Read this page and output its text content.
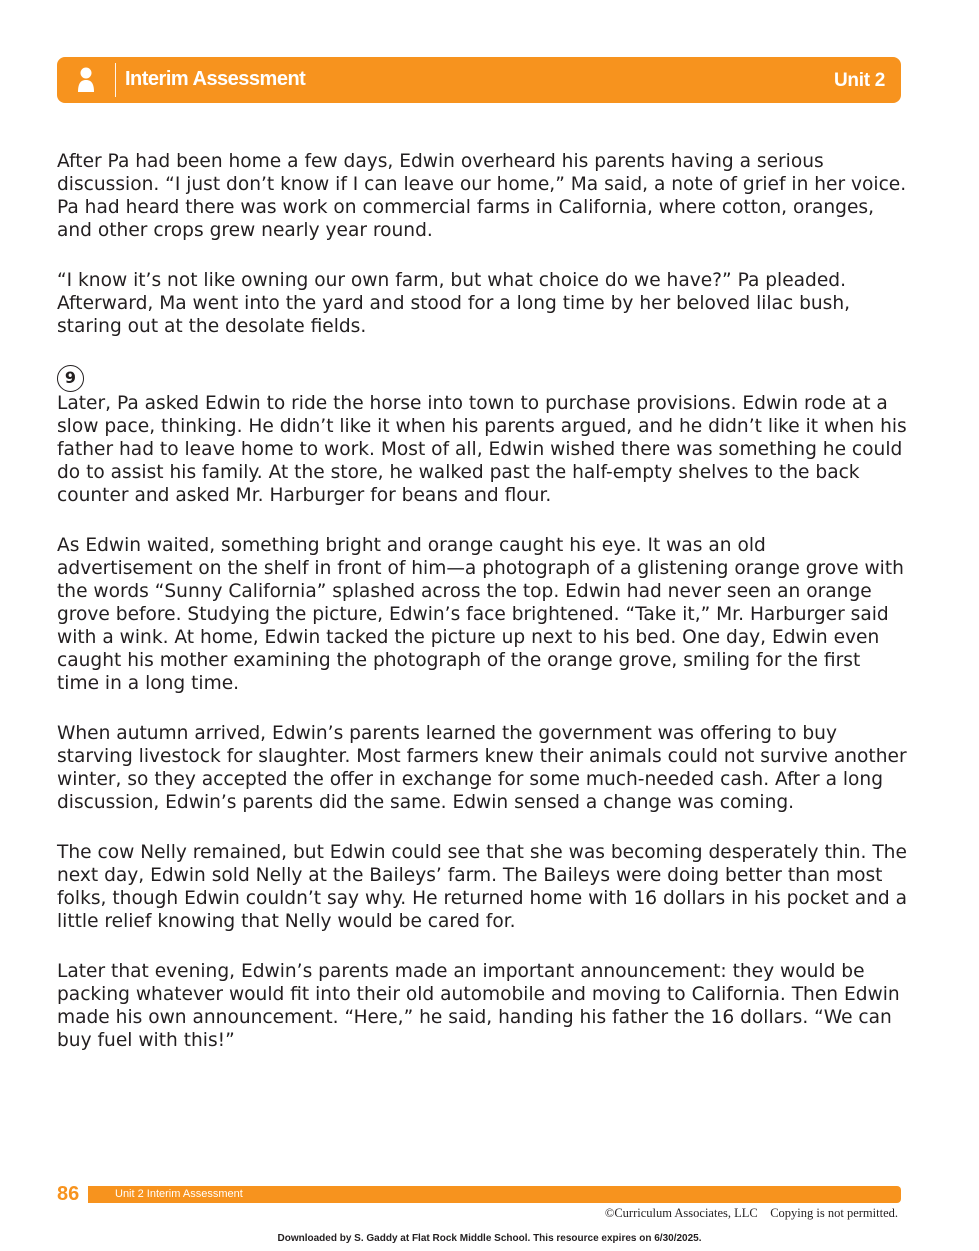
Interim Assessment	Unit 2

After Pa had been home a few days, Edwin overheard his parents having a serious discussion. “I just don’t know if I can leave our home,” Ma said, a note of grief in her voice. Pa had heard there was work on commercial farms in California, where cotton, oranges, and other crops grew nearly year round.

“I know it’s not like owning our own farm, but what choice do we have?” Pa pleaded. Afterward, Ma went into the yard and stood for a long time by her beloved lilac bush, staring out at the desolate fields.

9

Later, Pa asked Edwin to ride the horse into town to purchase provisions. Edwin rode at a slow pace, thinking. He didn’t like it when his parents argued, and he didn’t like it when his father had to leave home to work. Most of all, Edwin wished there was something he could do to assist his family. At the store, he walked past the half-empty shelves to the back counter and asked Mr. Harburger for beans and flour.

As Edwin waited, something bright and orange caught his eye. It was an old advertisement on the shelf in front of him—a photograph of a glistening orange grove with the words “Sunny California” splashed across the top. Edwin had never seen an orange grove before. Studying the picture, Edwin’s face brightened. “Take it,” Mr. Harburger said with a wink. At home, Edwin tacked the picture up next to his bed. One day, Edwin even caught his mother examining the photograph of the orange grove, smiling for the first time in a long time.

When autumn arrived, Edwin’s parents learned the government was offering to buy starving livestock for slaughter. Most farmers knew their animals could not survive another winter, so they accepted the offer in exchange for some much-needed cash. After a long discussion, Edwin’s parents did the same. Edwin sensed a change was coming.

The cow Nelly remained, but Edwin could see that she was becoming desperately thin. The next day, Edwin sold Nelly at the Baileys’ farm. The Baileys were doing better than most folks, though Edwin couldn’t say why. He returned home with 16 dollars in his pocket and a little relief knowing that Nelly would be cared for.

Later that evening, Edwin’s parents made an important announcement: they would be packing whatever would fit into their old automobile and moving to California. Then Edwin made his own announcement. “Here,” he said, handing his father the 16 dollars. “We can buy fuel with this!”

86	Unit 2 Interim Assessment
©Curriculum Associates, LLC    Copying is not permitted.
Downloaded by S. Gaddy at Flat Rock Middle School. This resource expires on 6/30/2025.
